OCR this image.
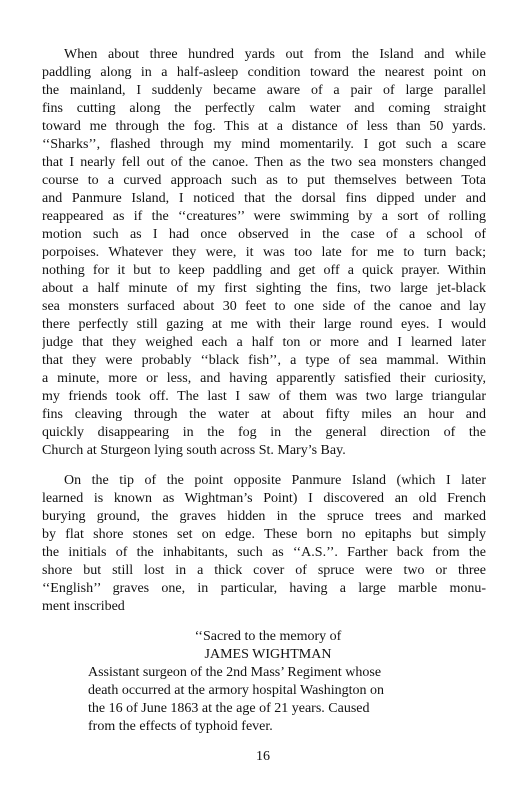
When about three hundred yards out from the Island and while
paddling along in a half-asleep condition toward the nearest point on
the mainland, I suddenly became aware of a pair of large parallel
fins cutting along the perfectly calm water and coming straight
toward me through the fog. This at a distance of less than 50 yards.
‘‘Sharks’’, flashed through my mind momentarily. I got such a scare
that I nearly fell out of the canoe. Then as the two sea monsters changed
course to a curved approach such as to put themselves between Tota
and Panmure Island, I noticed that the dorsal fins dipped under and
reappeared as if the ‘‘creatures’’ were swimming by a sort of rolling
motion such as I had once observed in the case of a school of
porpoises. Whatever they were, it was too late for me to turn back;
nothing for it but to keep paddling and get off a quick prayer. Within
about a half minute of my first sighting the fins, two large jet-black
sea monsters surfaced about 30 feet to one side of the canoe and lay
there perfectly still gazing at me with their large round eyes. I would
judge that they weighed each a half ton or more and I learned later
that they were probably ‘‘black fish’’, a type of sea mammal. Within
a minute, more or less, and having apparently satisfied their curiosity,
my friends took off. The last I saw of them was two large triangular
fins cleaving through the water at about fifty miles an hour and
quickly disappearing in the fog in the general direction of the
Church at Sturgeon lying south across St. Mary’s Bay.
On the tip of the point opposite Panmure Island (which I later
learned is known as Wightman’s Point) I discovered an old French
burying ground, the graves hidden in the spruce trees and marked
by flat shore stones set on edge. These born no epitaphs but simply
the initials of the inhabitants, such as ‘‘A.S.’’. Farther back from the
shore but still lost in a thick cover of spruce were two or three
‘‘English’’ graves one, in particular, having a large marble monu-
ment inscribed
‘‘Sacred to the memory of
JAMES WIGHTMAN
Assistant surgeon of the 2nd Mass’ Regiment whose
death occurred at the armory hospital Washington on
the 16 of June 1863 at the age of 21 years. Caused
from the effects of typhoid fever.
16
